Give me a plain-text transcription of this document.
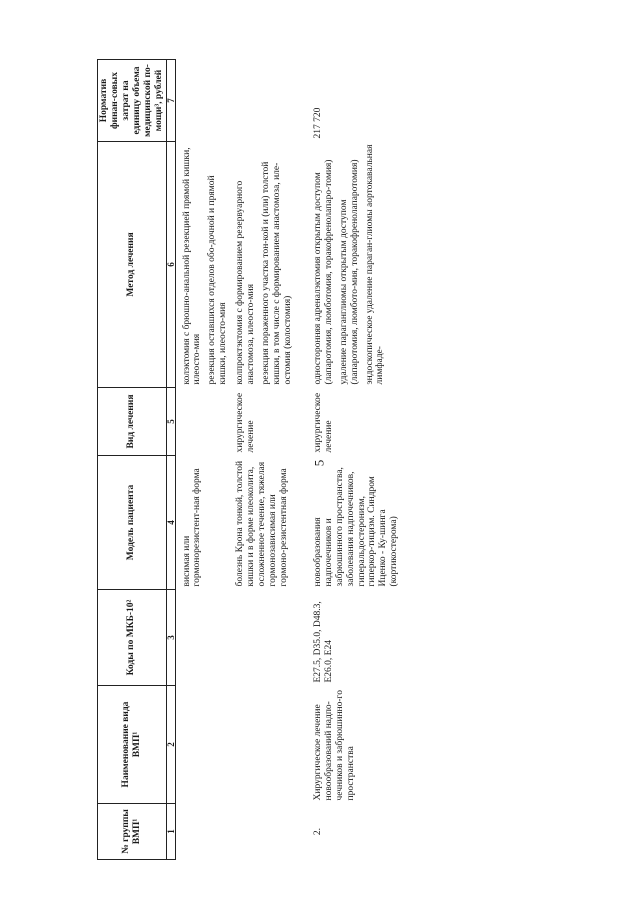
5
№ группы ВМП¹	Наименование вида ВМП¹	Коды по МКБ-10²	Модель пациента	Вид лечения	Метод лечения	Норматив финан-совых затрат на единицу объема медицинской по-мощи³, рублей
1	2	3	4	5	6	7
			висимая или гормонорезистент-ная форма		колэктомия с брюшно-анальной резекцией прямой кишки, илеосто-мия резекция оставшихся отделов обо-дочной и прямой кишки, илеосто-мия	

			болезнь Крона тонкой, толстой кишки и в форме илеоколита, осложненное течение, тяжелая гормонозависимая или гормоно-резистентная форма	хирургическое лечение	колпроктэктомия с формированием резервуарного анастомоза, илеосто-мия резекция пораженного участка тон-кой и (или) толстой кишки, в том числе с формированием анастомоза, иле-остомия (колостомия)	

2.	Хирургическое лечение новообразований надпо-чечников и забрюшинно-го пространства	E27.5, D35.0, D48.3, E26.0, E24	новообразования надпочечников и забрюшинного пространства, заболевания надпочечников, гиперальдостеронизм, гиперкор-тицизм. Синдром Иценко - Ку-шинга (кортикостерома)	хирургическое лечение	односторонняя адреналэктомия открытым доступом (лапаротомия, люмботомия, торакофренолапаро-томия) удаление параганглиомы открытым доступом (лапаротомия, люмбото-мия, торакофренолапаротомия) эндоскопическое удаление параган-глиомы аортокавальная лимфаде-	217 720
